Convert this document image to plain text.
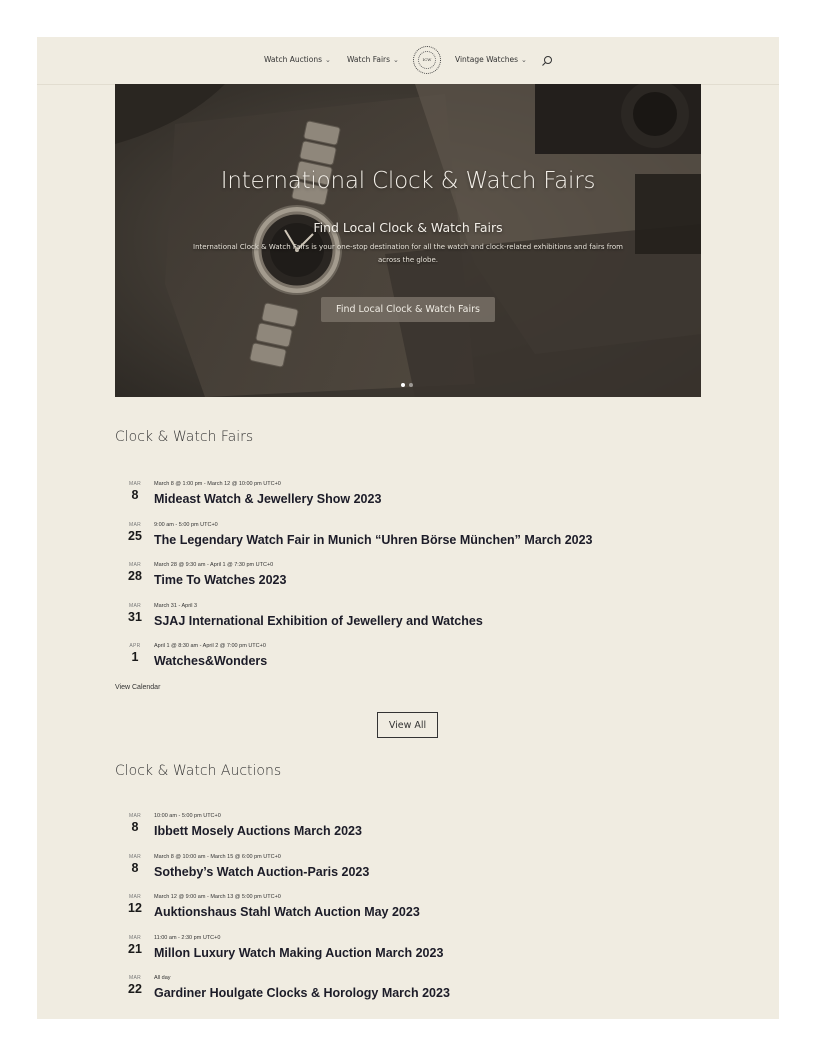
Watch Auctions ⌄ Watch Fairs ⌄	ICW	Vintage Watches ⌄
International Clock & Watch Fairs
Find Local Clock & Watch Fairs
International Clock & Watch Fairs is your one-stop destination for all the watch and clock-related exhibitions and fairs from across the globe.
Find Local Clock & Watch Fairs
Clock & Watch Fairs
MAR
8
March 8 @ 1:00 pm - March 12 @ 10:00 pm UTC+0
Mideast Watch & Jewellery Show 2023
MAR
25
9:00 am - 5:00 pm UTC+0
The Legendary Watch Fair in Munich “Uhren Börse München” March 2023
MAR
28
March 28 @ 9:30 am - April 1 @ 7:30 pm UTC+0
Time To Watches 2023
MAR
31
March 31 - April 3
SJAJ International Exhibition of Jewellery and Watches
APR
1
April 1 @ 8:30 am - April 2 @ 7:00 pm UTC+0
Watches&Wonders
View Calendar
View All
Clock & Watch Auctions
MAR
8
10:00 am - 5:00 pm UTC+0
Ibbett Mosely Auctions March 2023
MAR
8
March 8 @ 10:00 am - March 15 @ 6:00 pm UTC+0
Sotheby’s Watch Auction-Paris 2023
MAR
12
March 12 @ 9:00 am - March 13 @ 5:00 pm UTC+0
Auktionshaus Stahl Watch Auction May 2023
MAR
21
11:00 am - 2:30 pm UTC+0
Millon Luxury Watch Making Auction March 2023
MAR
22
All day
Gardiner Houlgate Clocks & Horology March 2023
